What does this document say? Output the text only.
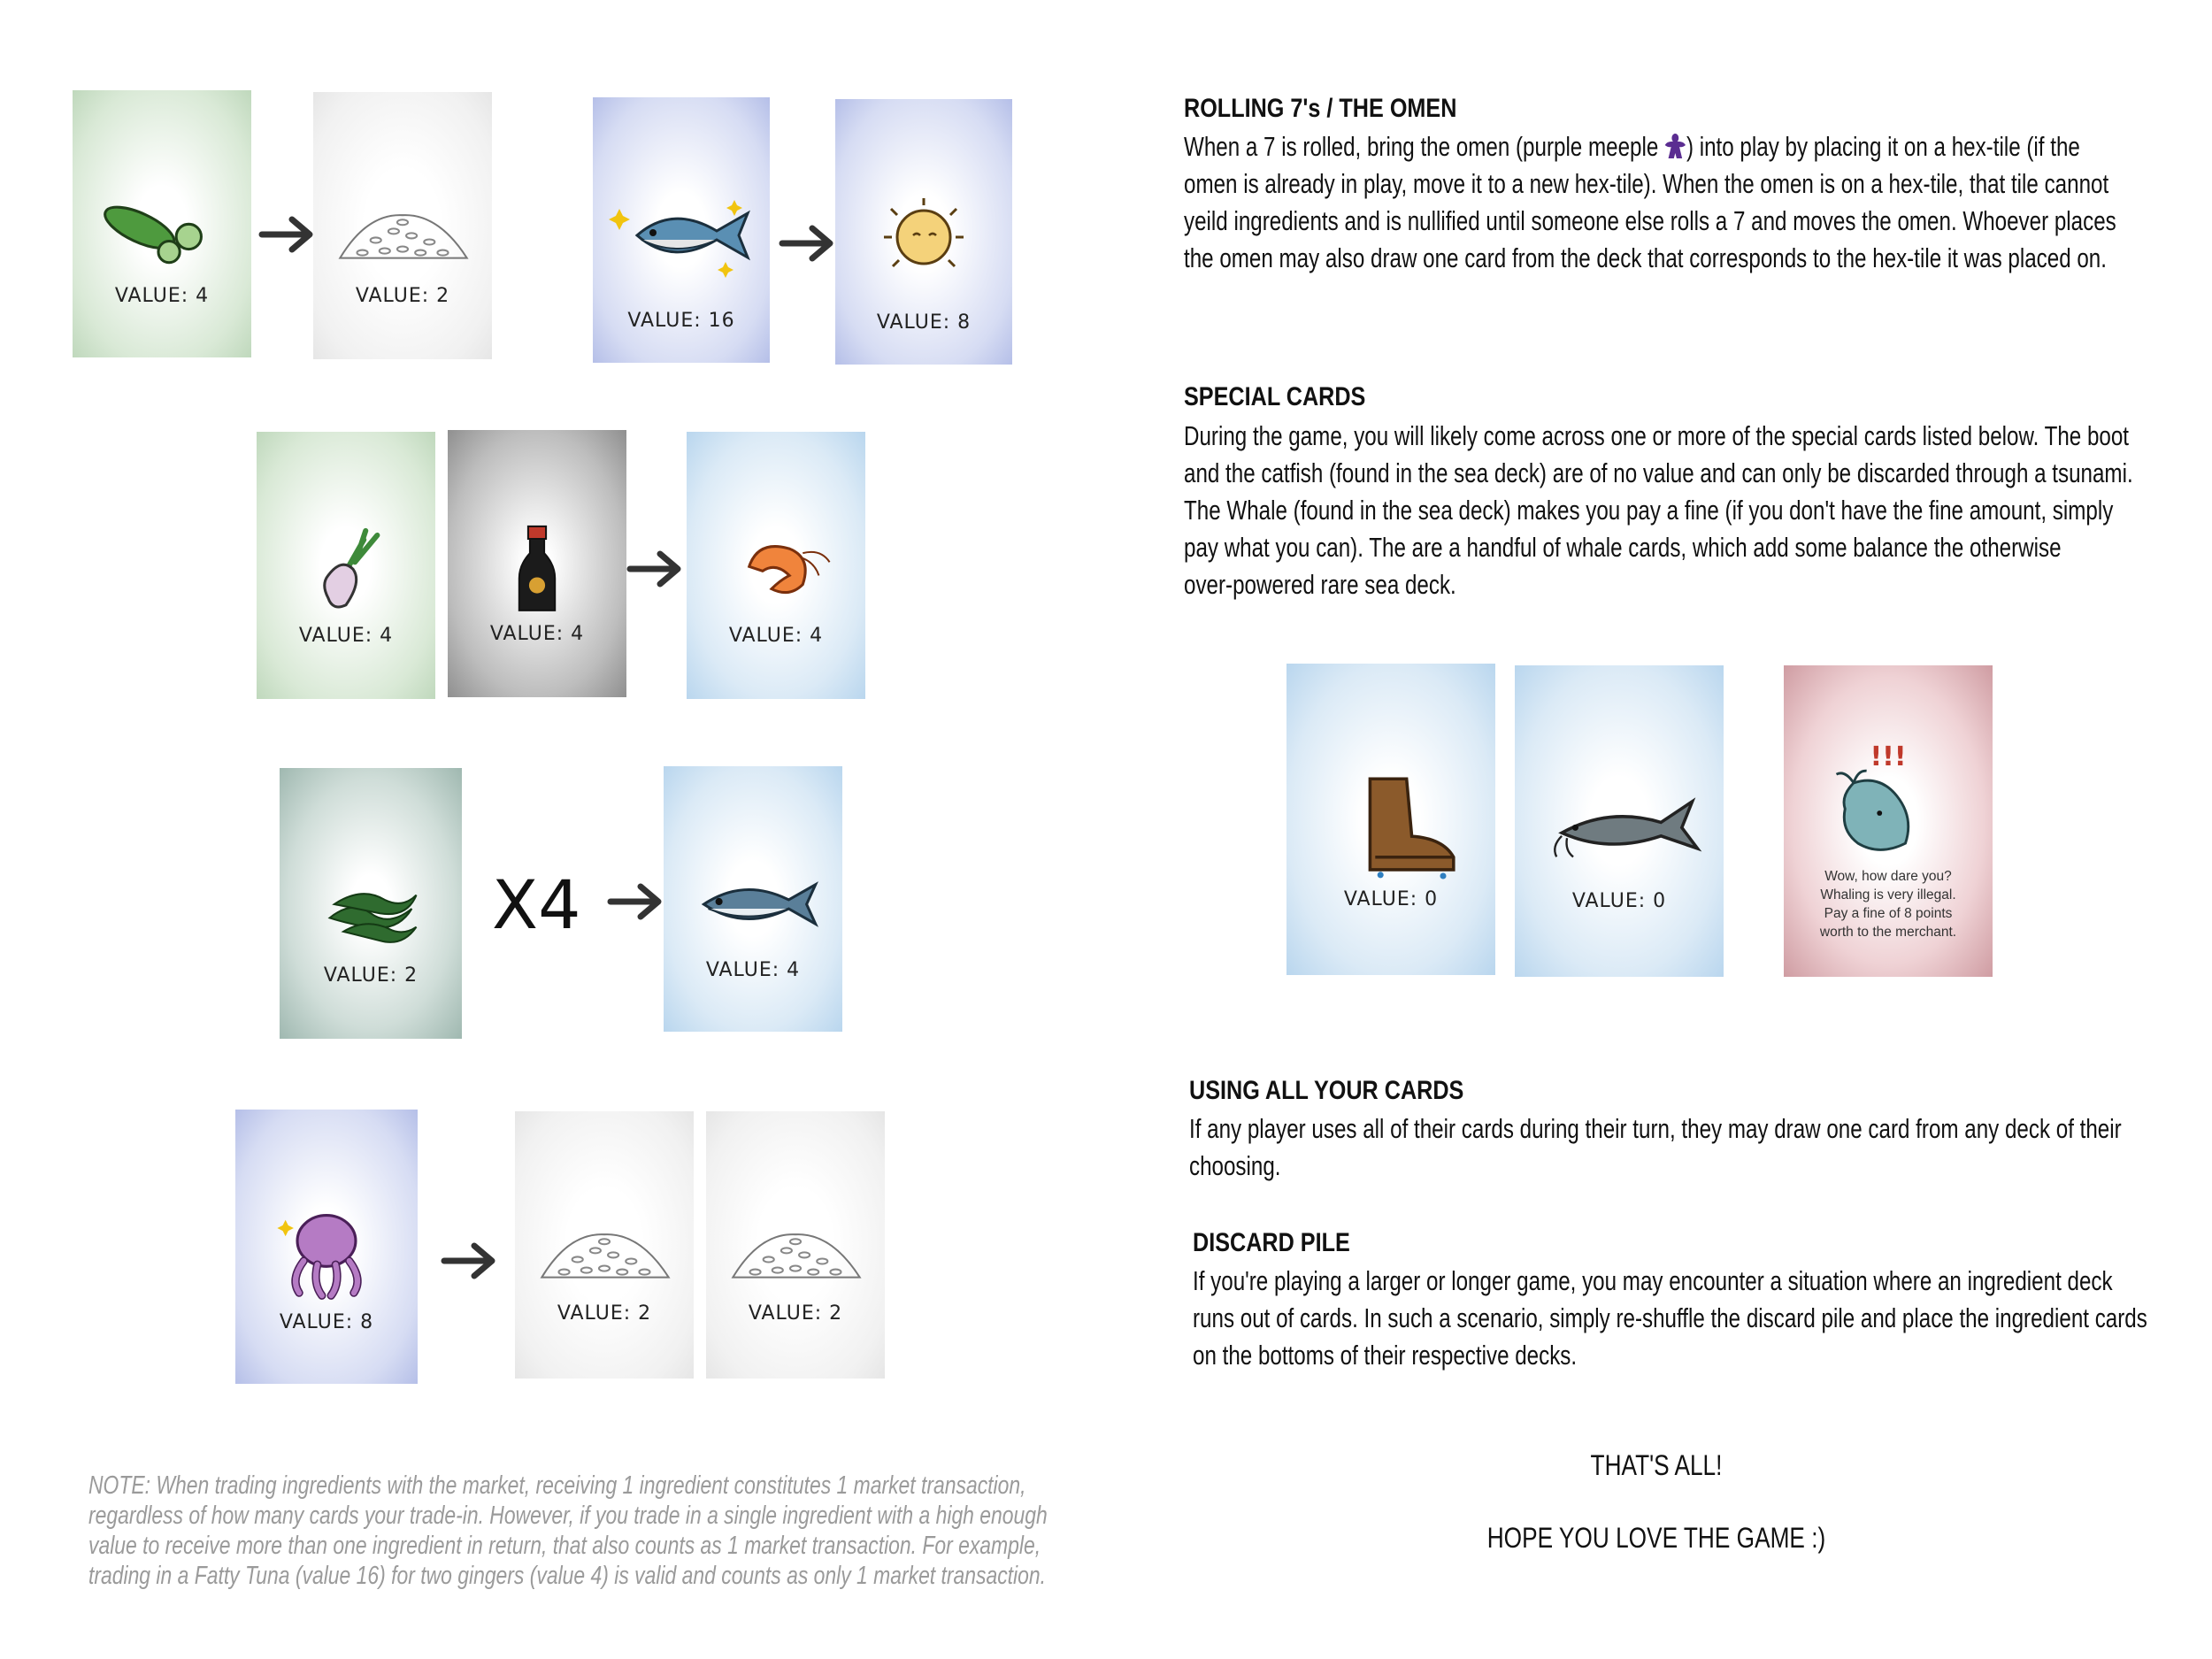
VALUE: 4	VALUE: 2
VALUE: 16	VALUE: 8
VALUE: 4	VALUE: 4	VALUE: 4
VALUE: 2
X4
VALUE: 4
VALUE: 8	VALUE: 2	VALUE: 2
NOTE: When trading ingredients with the market, receiving 1 ingredient constitutes 1 market transaction, regardless of how many cards your trade-in. However, if you trade in a single ingredient with a high enough value to receive more than one ingredient in return, that also counts as 1 market transaction. For example, trading in a Fatty Tuna (value 16) for two gingers (value 4) is valid and counts as only 1 market transaction.
ROLLING 7's / THE OMEN
When a 7 is rolled, bring the omen (purple meeple ) into play by placing it on a hex-tile (if the
omen is already in play, move it to a new hex-tile). When the omen is on a hex-tile, that tile cannot
yeild ingredients and is nullified until someone else rolls a 7 and moves the omen. Whoever places
the omen may also draw one card from the deck that corresponds to the hex-tile it was placed on.
SPECIAL CARDS
During the game, you will likely come across one or more of the special cards listed below. The boot
and the catfish (found in the sea deck) are of no value and can only be discarded through a tsunami.
The Whale (found in the sea deck) makes you pay a fine (if you don't have the fine amount, simply
pay what you can). The are a handful of whale cards, which add some balance the otherwise
over-powered rare sea deck.
VALUE: 0	VALUE: 0
!!!
Wow, how dare you?
Whaling is very illegal.
Pay a fine of 8 points
worth to the merchant.
USING ALL YOUR CARDS
If any player uses all of their cards during their turn, they may draw one card from any deck of their
choosing.
DISCARD PILE
If you're playing a larger or longer game, you may encounter a situation where an ingredient deck
runs out of cards. In such a scenario, simply re-shuffle the discard pile and place the ingredient cards
on the bottoms of their respective decks.
THAT'S ALL!
HOPE YOU LOVE THE GAME :)
